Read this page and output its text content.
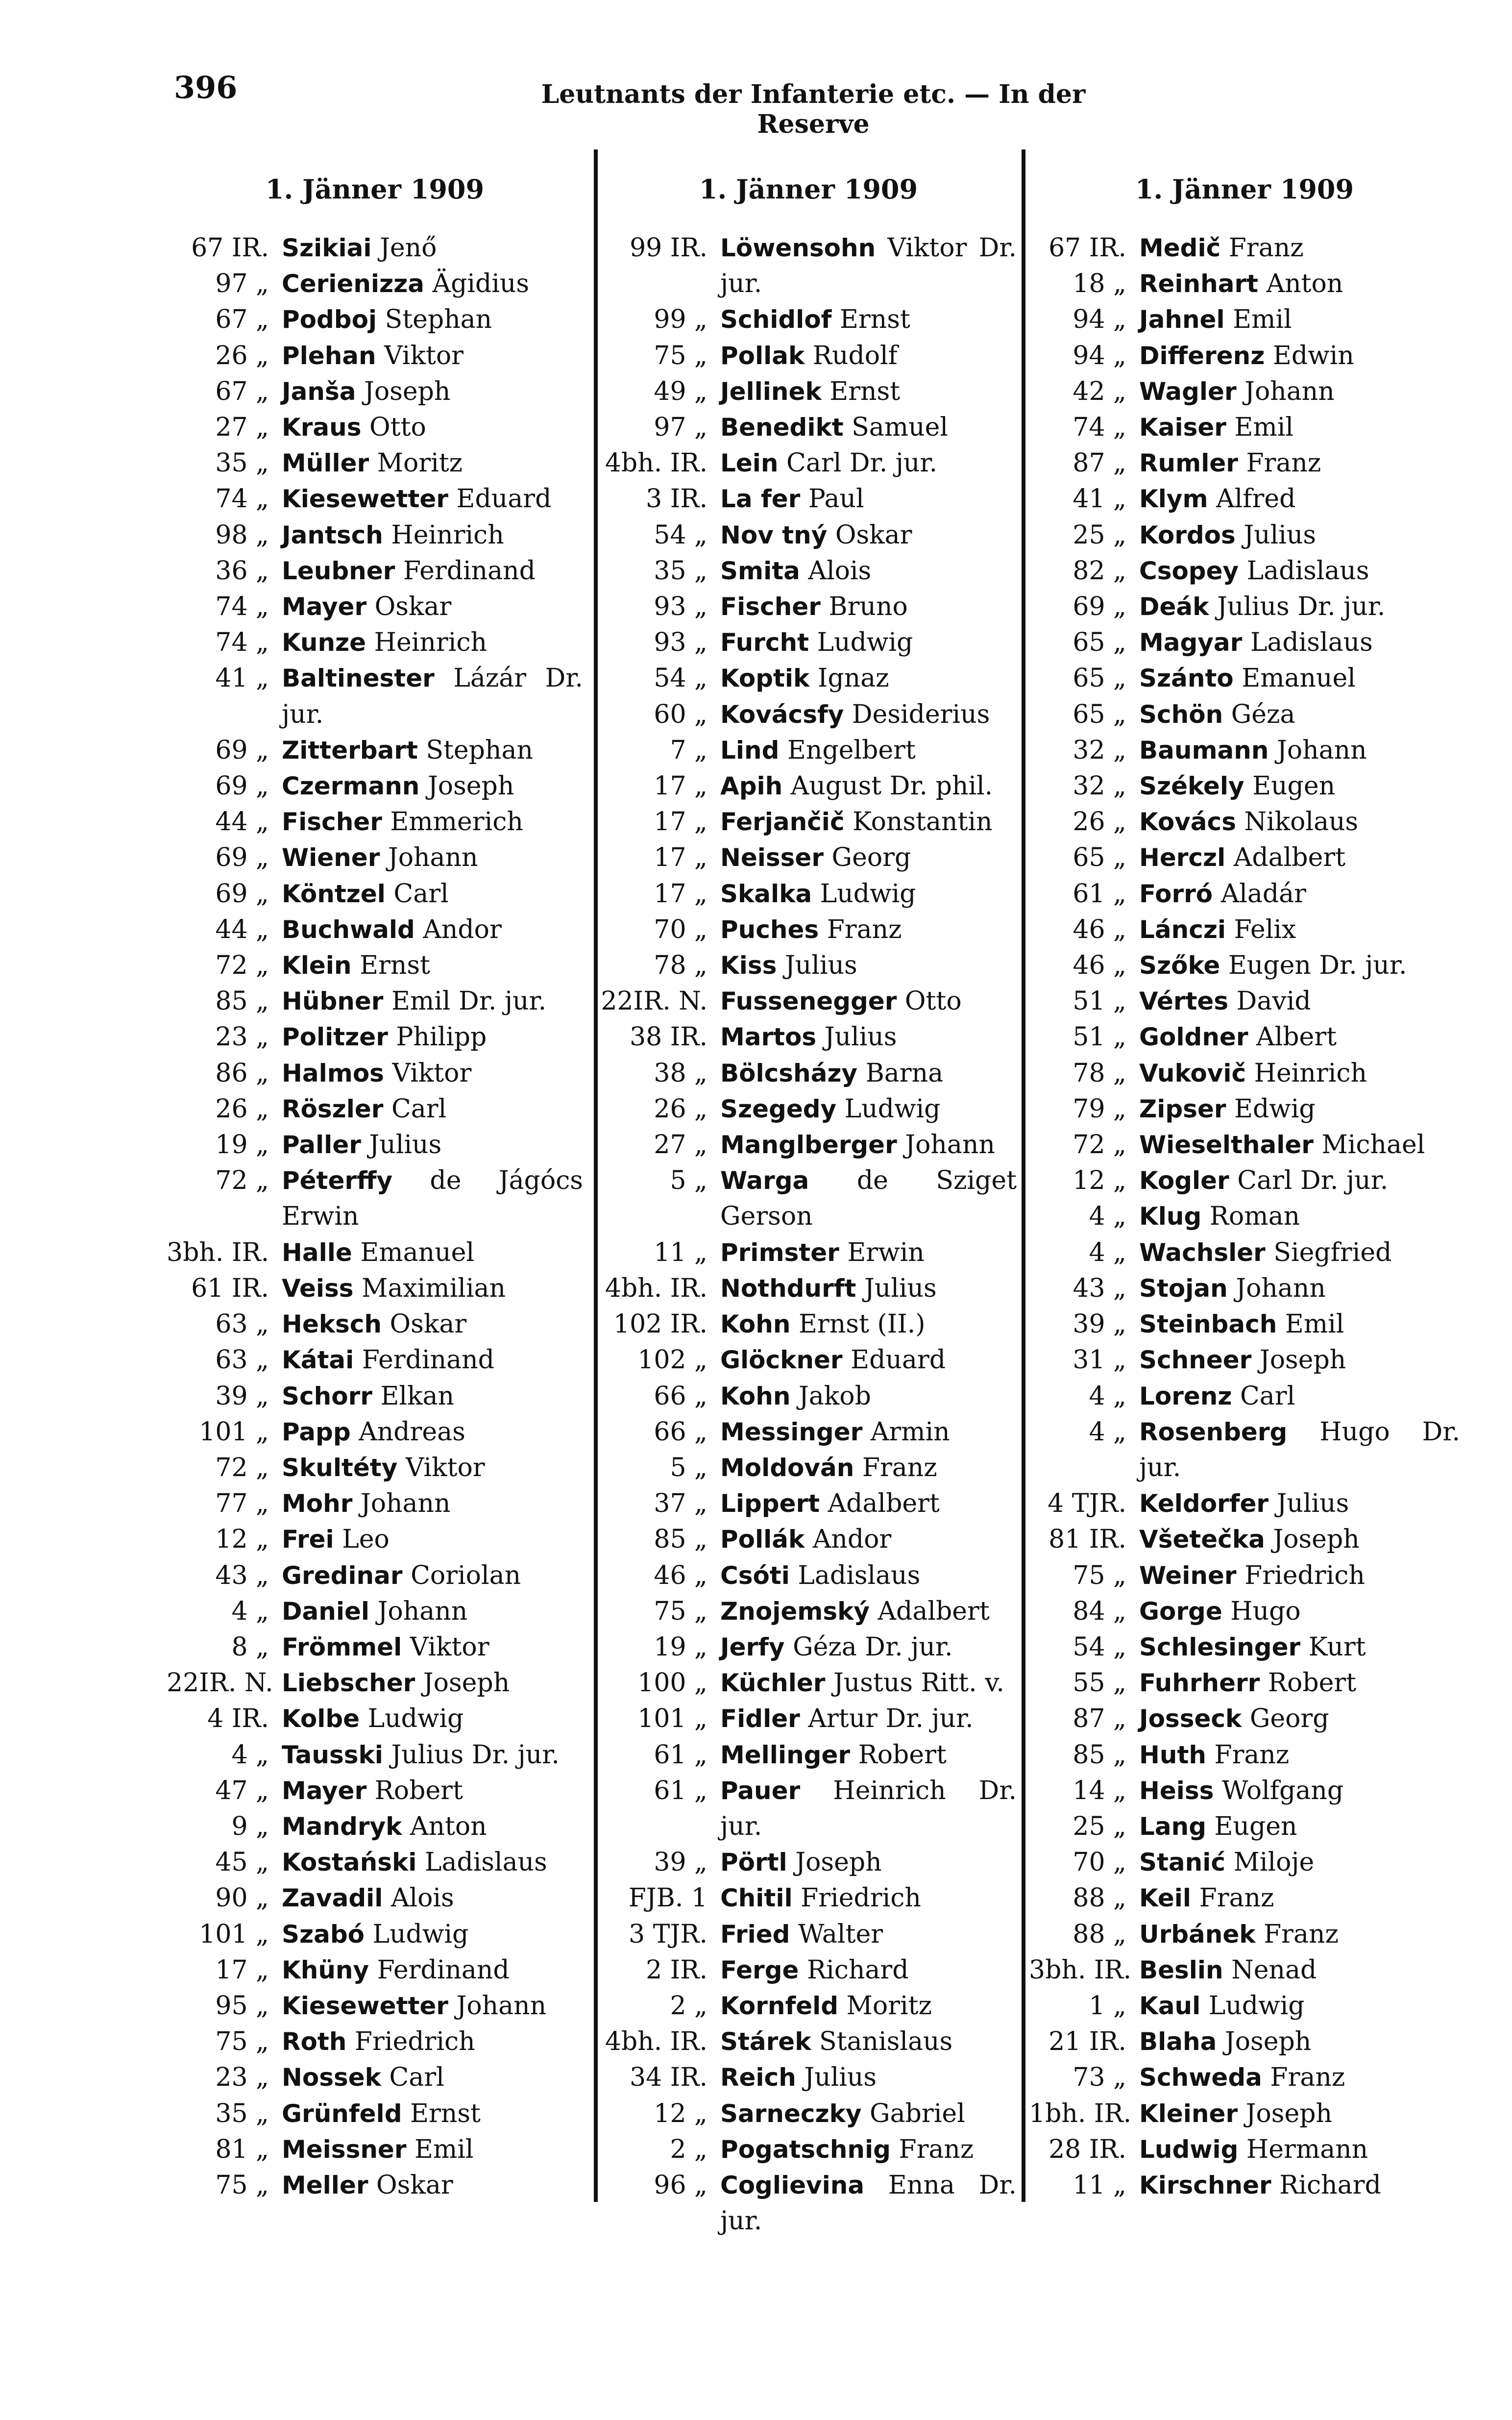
396	Leutnants der Infanterie etc. — In der Reserve
1. Jänner 1909
67 IR. Szikiai Jenő
97 „ Cerienizza Ägidius
67 „ Podboj Stephan
26 „ Plehan Viktor
67 „ Janša Joseph
27 „ Kraus Otto
35 „ Müller Moritz
74 „ Kiesewetter Eduard
98 „ Jantsch Heinrich
36 „ Leubner Ferdinand
74 „ Mayer Oskar
74 „ Kunze Heinrich
41 „ Baltinester Lázár Dr. jur.
69 „ Zitterbart Stephan
69 „ Czermann Joseph
44 „ Fischer Emmerich
69 „ Wiener Johann
69 „ Köntzel Carl
44 „ Buchwald Andor
72 „ Klein Ernst
85 „ Hübner Emil Dr. jur.
23 „ Politzer Philipp
86 „ Halmos Viktor
26 „ Röszler Carl
19 „ Paller Julius
72 „ Péterffy de Jágócs Erwin
3bh. IR. Halle Emanuel
61 IR. Veiss Maximilian
63 „ Heksch Oskar
63 „ Kátai Ferdinand
39 „ Schorr Elkan
101 „ Papp Andreas
72 „ Skultéty Viktor
77 „ Mohr Johann
12 „ Frei Leo
43 „ Gredinar Coriolan
4 „ Daniel Johann
8 „ Frömmel Viktor
22IR. N. Liebscher Joseph
4 IR. Kolbe Ludwig
4 „ Tausski Julius Dr. jur.
47 „ Mayer Robert
9 „ Mandryk Anton
45 „ Kostański Ladislaus
90 „ Zavadil Alois
101 „ Szabó Ludwig
17 „ Khüny Ferdinand
95 „ Kiesewetter Johann
75 „ Roth Friedrich
23 „ Nossek Carl
35 „ Grünfeld Ernst
81 „ Meissner Emil
75 „ Meller Oskar
1. Jänner 1909
99 IR. Löwensohn Viktor Dr. jur.
99 „ Schidlof Ernst
75 „ Pollak Rudolf
49 „ Jellinek Ernst
97 „ Benedikt Samuel
4bh. IR. Lein Carl Dr. jur.
3 IR. La fer Paul
54 „ Nov tný Oskar
35 „ Smita Alois
93 „ Fischer Bruno
93 „ Furcht Ludwig
54 „ Koptik Ignaz
60 „ Kovácsfy Desiderius
7 „ Lind Engelbert
17 „ Apih August Dr. phil.
17 „ Ferjančič Konstantin
17 „ Neisser Georg
17 „ Skalka Ludwig
70 „ Puches Franz
78 „ Kiss Julius
22IR. N. Fussenegger Otto
38 IR. Martos Julius
38 „ Bölcsházy Barna
26 „ Szegedy Ludwig
27 „ Manglberger Johann
5 „ Warga de Sziget Gerson
11 „ Primster Erwin
4bh. IR. Nothdurft Julius
102 IR. Kohn Ernst (II.)
102 „ Glöckner Eduard
66 „ Kohn Jakob
66 „ Messinger Armin
5 „ Moldován Franz
37 „ Lippert Adalbert
85 „ Pollák Andor
46 „ Csóti Ladislaus
75 „ Znojemský Adalbert
19 „ Jerfy Géza Dr. jur.
100 „ Küchler Justus Ritt. v.
101 „ Fidler Artur Dr. jur.
61 „ Mellinger Robert
61 „ Pauer Heinrich Dr. jur.
39 „ Pörtl Joseph
FJB. 1 Chitil Friedrich
3 TJR. Fried Walter
2 IR. Ferge Richard
2 „ Kornfeld Moritz
4bh. IR. Stárek Stanislaus
34 IR. Reich Julius
12 „ Sarneczky Gabriel
2 „ Pogatschnig Franz
96 „ Coglievina Enna Dr. jur.
1. Jänner 1909
67 IR. Medič Franz
18 „ Reinhart Anton
94 „ Jahnel Emil
94 „ Differenz Edwin
42 „ Wagler Johann
74 „ Kaiser Emil
87 „ Rumler Franz
41 „ Klym Alfred
25 „ Kordos Julius
82 „ Csopey Ladislaus
69 „ Deák Julius Dr. jur.
65 „ Magyar Ladislaus
65 „ Szánto Emanuel
65 „ Schön Géza
32 „ Baumann Johann
32 „ Székely Eugen
26 „ Kovács Nikolaus
65 „ Herczl Adalbert
61 „ Forró Aladár
46 „ Lánczi Felix
46 „ Szőke Eugen Dr. jur.
51 „ Vértes David
51 „ Goldner Albert
78 „ Vukovič Heinrich
79 „ Zipser Edwig
72 „ Wieselthaler Michael
12 „ Kogler Carl Dr. jur.
4 „ Klug Roman
4 „ Wachsler Siegfried
43 „ Stojan Johann
39 „ Steinbach Emil
31 „ Schneer Joseph
4 „ Lorenz Carl
4 „ Rosenberg Hugo Dr. jur.
4 TJR. Keldorfer Julius
81 IR. Všetečka Joseph
75 „ Weiner Friedrich
84 „ Gorge Hugo
54 „ Schlesinger Kurt
55 „ Fuhrherr Robert
87 „ Josseck Georg
85 „ Huth Franz
14 „ Heiss Wolfgang
25 „ Lang Eugen
70 „ Stanić Miloje
88 „ Keil Franz
88 „ Urbánek Franz
3bh. IR. Beslin Nenad
1 „ Kaul Ludwig
21 IR. Blaha Joseph
73 „ Schweda Franz
1bh. IR. Kleiner Joseph
28 IR. Ludwig Hermann
11 „ Kirschner Richard
